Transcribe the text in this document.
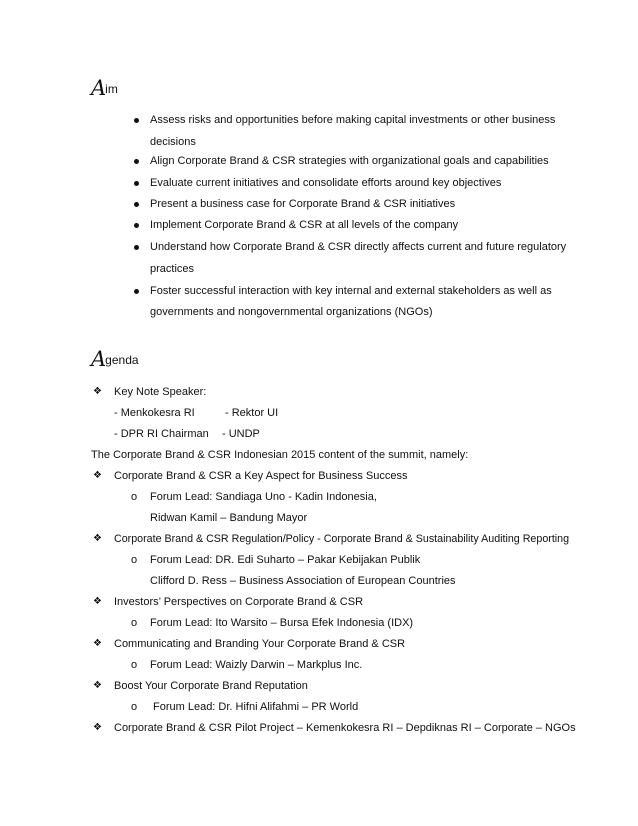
Aim
Assess risks and opportunities before making capital investments or other business
decisions
Align Corporate Brand & CSR strategies with organizational goals and capabilities
Evaluate current initiatives and consolidate efforts around key objectives
Present a business case for Corporate Brand & CSR initiatives
Implement Corporate Brand & CSR at all levels of the company
Understand how Corporate Brand & CSR directly affects current and future regulatory
practices
Foster successful interaction with key internal and external stakeholders as well as
governments and nongovernmental organizations (NGOs)
Agenda
❖ Key Note Speaker:
- Menkokesra RI	- Rektor UI
- DPR RI Chairman - UNDP
The Corporate Brand & CSR Indonesian 2015 content of the summit, namely:
❖ Corporate Brand & CSR a Key Aspect for Business Success
o Forum Lead: Sandiaga Uno - Kadin Indonesia,
Ridwan Kamil – Bandung Mayor
❖ Corporate Brand & CSR Regulation/Policy - Corporate Brand & Sustainability Auditing Reporting
o Forum Lead: DR. Edi Suharto – Pakar Kebijakan Publik
Clifford D. Ress – Business Association of European Countries
❖ Investors’ Perspectives on Corporate Brand & CSR
o Forum Lead: Ito Warsito – Bursa Efek Indonesia (IDX)
❖ Communicating and Branding Your Corporate Brand & CSR
o Forum Lead: Waizly Darwin – Markplus Inc.
❖ Boost Your Corporate Brand Reputation
o Forum Lead: Dr. Hifni Alifahmi – PR World
❖ Corporate Brand & CSR Pilot Project – Kemenkokesra RI – Depdiknas RI – Corporate – NGOs
